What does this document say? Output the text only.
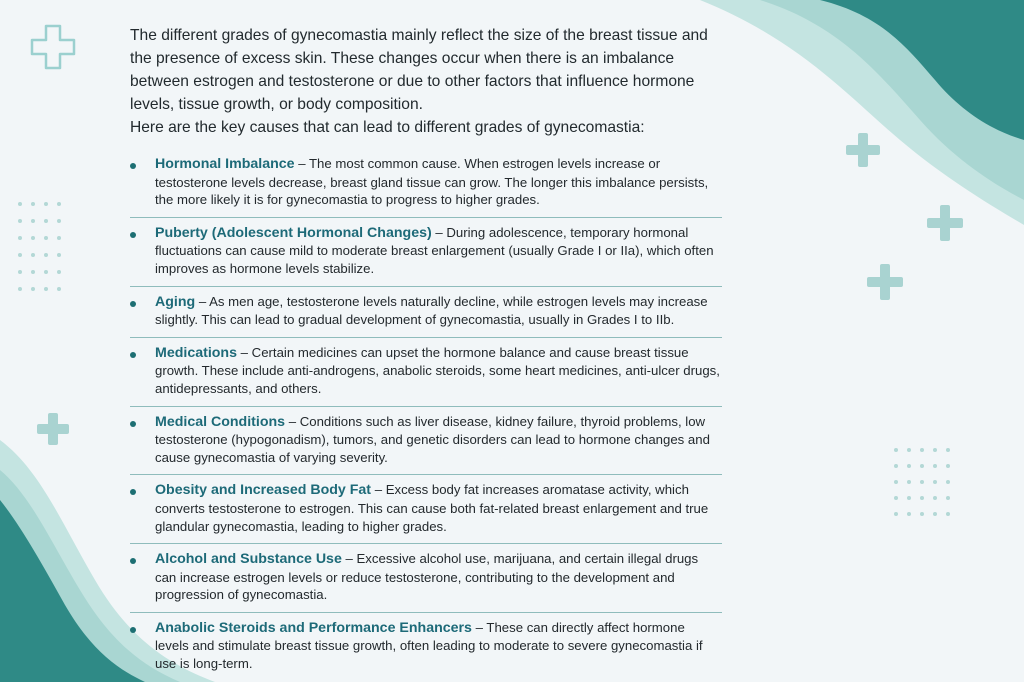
The different grades of gynecomastia mainly reflect the size of the breast tissue and the presence of excess skin. These changes occur when there is an imbalance between estrogen and testosterone or due to other factors that influence hormone levels, tissue growth, or body composition.

Here are the key causes that can lead to different grades of gynecomastia:

Hormonal Imbalance – The most common cause. When estrogen levels increase or testosterone levels decrease, breast gland tissue can grow. The longer this imbalance persists, the more likely it is for gynecomastia to progress to higher grades.
Puberty (Adolescent Hormonal Changes) – During adolescence, temporary hormonal fluctuations can cause mild to moderate breast enlargement (usually Grade I or IIa), which often improves as hormone levels stabilize.
Aging – As men age, testosterone levels naturally decline, while estrogen levels may increase slightly. This can lead to gradual development of gynecomastia, usually in Grades I to IIb.
Medications – Certain medicines can upset the hormone balance and cause breast tissue growth. These include anti-androgens, anabolic steroids, some heart medicines, anti-ulcer drugs, antidepressants, and others.
Medical Conditions – Conditions such as liver disease, kidney failure, thyroid problems, low testosterone (hypogonadism), tumors, and genetic disorders can lead to hormone changes and cause gynecomastia of varying severity.
Obesity and Increased Body Fat – Excess body fat increases aromatase activity, which converts testosterone to estrogen. This can cause both fat-related breast enlargement and true glandular gynecomastia, leading to higher grades.
Alcohol and Substance Use – Excessive alcohol use, marijuana, and certain illegal drugs can increase estrogen levels or reduce testosterone, contributing to the development and progression of gynecomastia.
Anabolic Steroids and Performance Enhancers – These can directly affect hormone levels and stimulate breast tissue growth, often leading to moderate to severe gynecomastia if use is long-term.
